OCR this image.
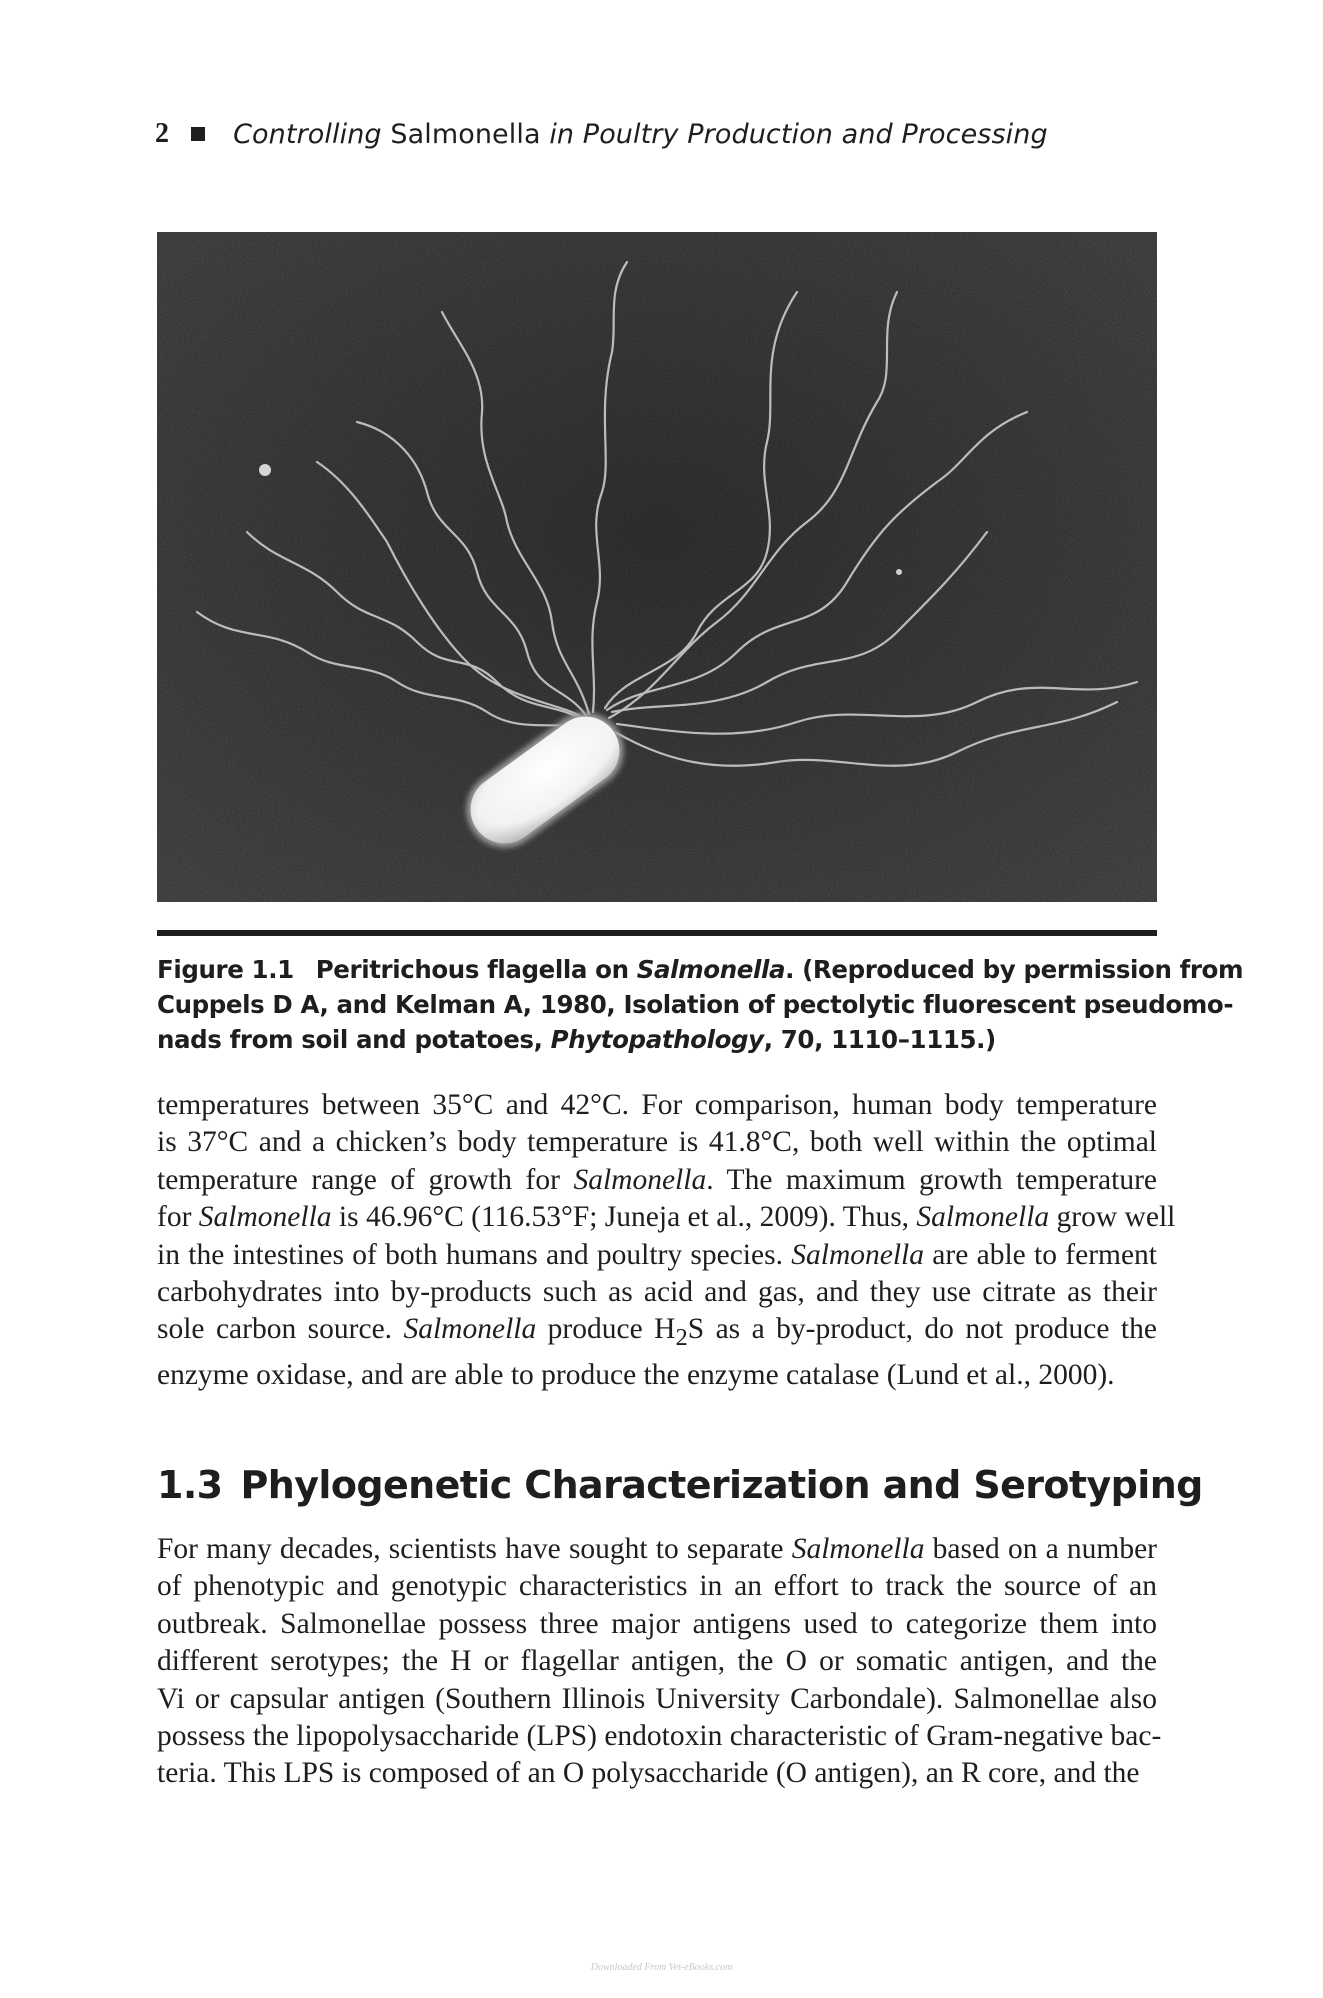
2 Controlling
Salmonella
in Poultry Production and Processing
Figure 1.1 Peritrichous flagella on Salmonella. (Reproduced by permission from
Cuppels D A, and Kelman A, 1980, Isolation of pectolytic fluorescent pseudomo-
nads from soil and potatoes, Phytopathology, 70, 1110–1115.)
temperatures between 35°C and 42°C. For comparison, human body temperature
is 37°C and a chicken’s body temperature is 41.8°C, both well within the optimal
temperature range of growth for Salmonella. The maximum growth temperature
for Salmonella is 46.96°C (116.53°F; Juneja et al., 2009). Thus, Salmonella grow well
in the intestines of both humans and poultry species. Salmonella are able to ferment
carbohydrates into by-products such as acid and gas, and they use citrate as their
sole carbon source. Salmonella produce $H_2S$ as a by-product, do not produce the
enzyme oxidase, and are able to produce the enzyme catalase (Lund et al., 2000).
1.3 Phylogenetic Characterization and Serotyping
For many decades, scientists have sought to separate Salmonella based on a number
of phenotypic and genotypic characteristics in an effort to track the source of an
outbreak. Salmonellae possess three major antigens used to categorize them into
different serotypes; the H or flagellar antigen, the O or somatic antigen, and the
Vi or capsular antigen (Southern Illinois University Carbondale). Salmonellae also
possess the lipopolysaccharide (LPS) endotoxin characteristic of Gram-negative bac-
teria. This LPS is composed of an O polysaccharide (O antigen), an R core, and the
Downloaded From Vet-eBooks.com
